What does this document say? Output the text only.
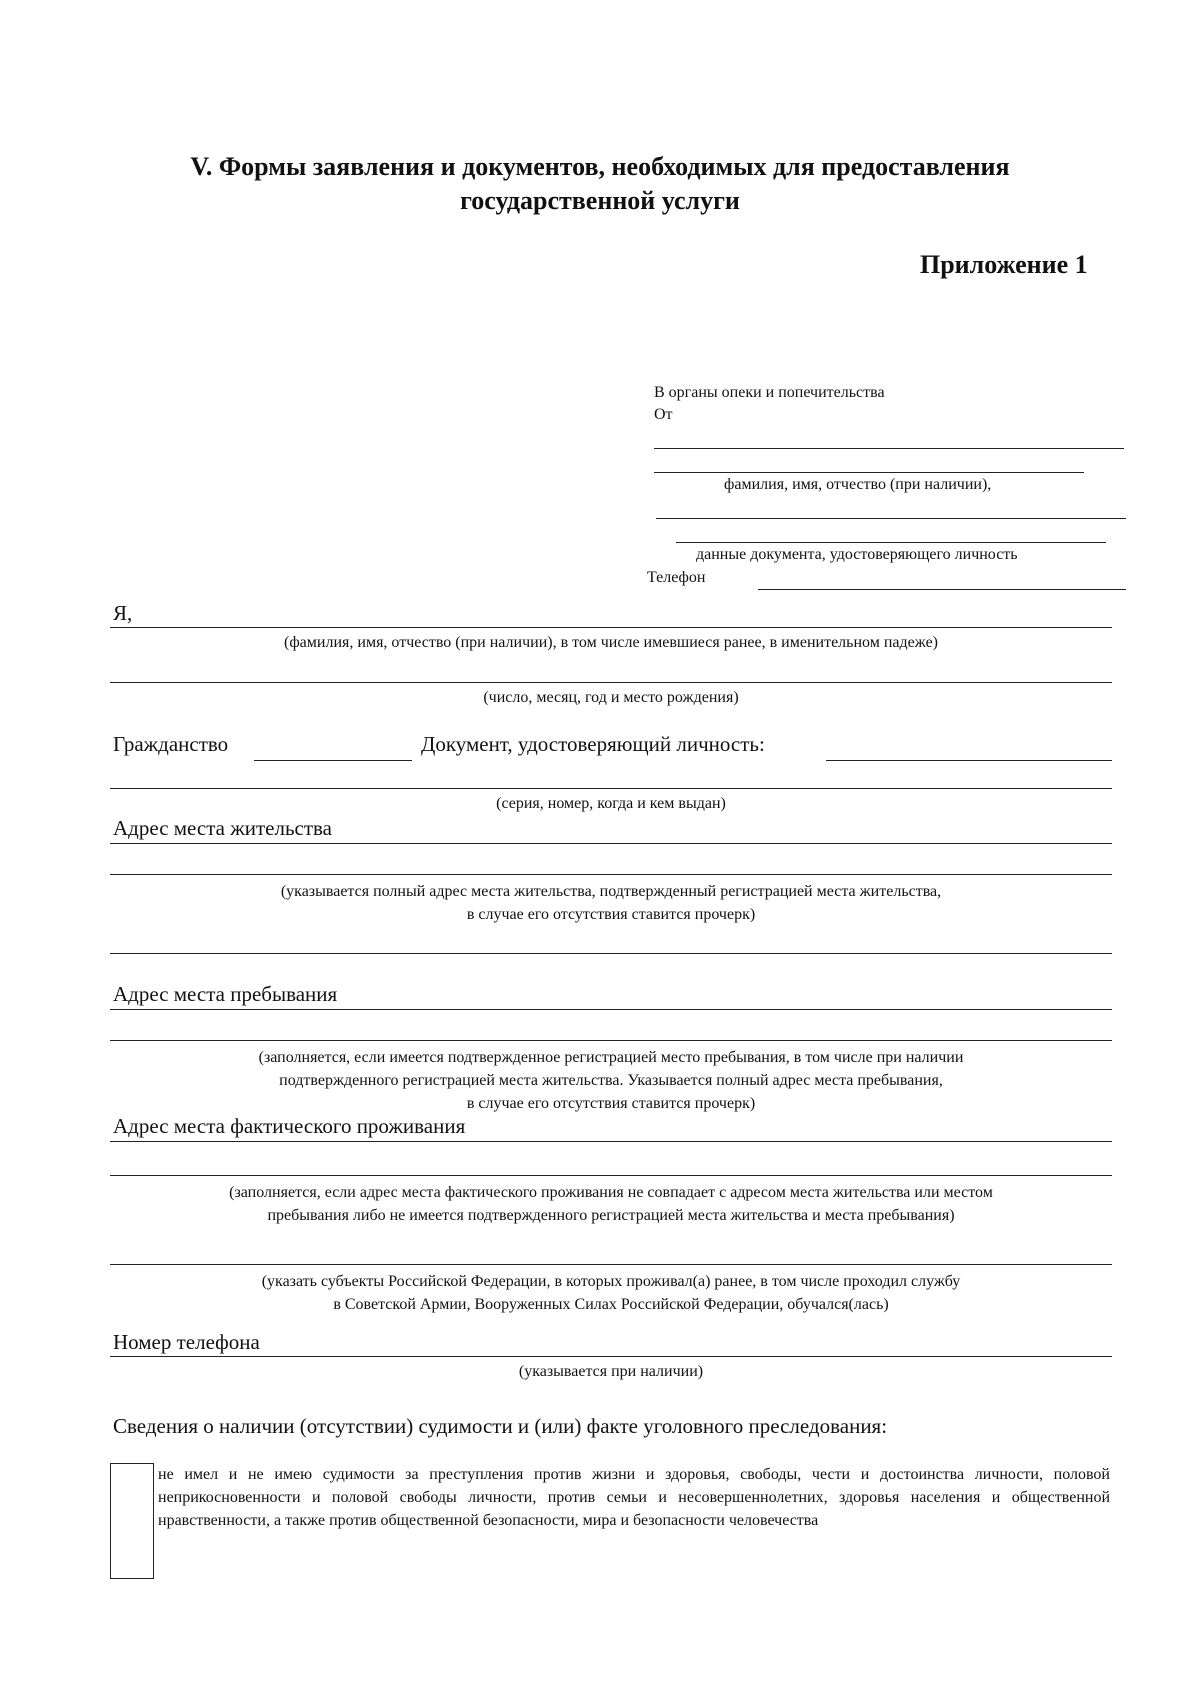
V. Формы заявления и документов, необходимых для предоставления
государственной услуги
Приложение 1
В органы опеки и попечительства
От
фамилия, имя, отчество (при наличии),
данные документа, удостоверяющего личность
Телефон
Я,
(фамилия, имя, отчество (при наличии), в том числе имевшиеся ранее, в именительном падеже)
(число, месяц, год и место рождения)
Гражданство	Документ, удостоверяющий личность:
(серия, номер, когда и кем выдан)
Адрес места жительства
(указывается полный адрес места жительства, подтвержденный регистрацией места жительства,
в случае его отсутствия ставится прочерк)
Адрес места пребывания
(заполняется, если имеется подтвержденное регистрацией место пребывания, в том числе при наличии
подтвержденного регистрацией места жительства. Указывается полный адрес места пребывания,
в случае его отсутствия ставится прочерк)
Адрес места фактического проживания
(заполняется, если адрес места фактического проживания не совпадает с адресом места жительства или местом
пребывания либо не имеется подтвержденного регистрацией места жительства и места пребывания)
(указать субъекты Российской Федерации, в которых проживал(а) ранее, в том числе проходил службу
в Советской Армии, Вооруженных Силах Российской Федерации, обучался(лась)
Номер телефона
(указывается при наличии)
Сведения о наличии (отсутствии) судимости и (или) факте уголовного преследования:
не имел и не имею судимости за преступления против жизни и здоровья, свободы, чести и достоинства личности, половой неприкосновенности и половой свободы личности, против семьи и несовершеннолетних, здоровья населения и общественной нравственности, а также против общественной безопасности, мира и безопасности человечества
